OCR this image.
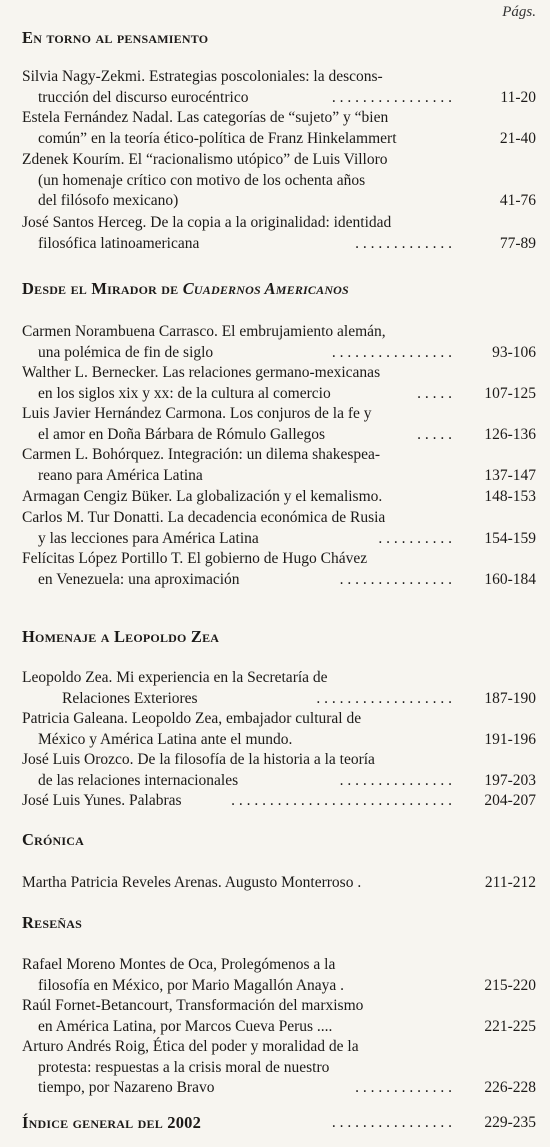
Págs.
En torno al pensamiento
Silvia Nagy-Zekmi. Estrategias poscoloniales: la descons-
trucción del discurso eurocéntrico	. . . . . . . . . . . . . . . .	11-20
Estela Fernández Nadal. Las categorías de “sujeto” y “bien
común” en la teoría ético-política de Franz Hinkelammert	21-40
Zdenek Kourím. El “racionalismo utópico” de Luis Villoro
(un homenaje crítico con motivo de los ochenta años
del filósofo mexicano)	41-76
José Santos Herceg. De la copia a la originalidad: identidad
filosófica latinoamericana	. . . . . . . . . . . . .	77-89
Desde el Mirador de Cuadernos Americanos
Carmen Norambuena Carrasco. El embrujamiento alemán,
una polémica de fin de siglo	. . . . . . . . . . . . . . . .	93-106
Walther L. Bernecker. Las relaciones germano-mexicanas
en los siglos xix y xx: de la cultura al comercio	. . . . .	107-125
Luis Javier Hernández Carmona. Los conjuros de la fe y
el amor en Doña Bárbara de Rómulo Gallegos	. . . . .	126-136
Carmen L. Bohórquez. Integración: un dilema shakespea-
reano para América Latina	137-147
Armagan Cengiz Büker. La globalización y el kemalismo.	148-153
Carlos M. Tur Donatti. La decadencia económica de Rusia
y las lecciones para América Latina	. . . . . . . . . .	154-159
Felícitas López Portillo T. El gobierno de Hugo Chávez
en Venezuela: una aproximación	. . . . . . . . . . . . . . .	160-184
Homenaje a Leopoldo Zea
Leopoldo Zea. Mi experiencia en la Secretaría de
Relaciones Exteriores	. . . . . . . . . . . . . . . . . .	187-190
Patricia Galeana. Leopoldo Zea, embajador cultural de
México y América Latina ante el mundo.	191-196
José Luis Orozco. De la filosofía de la historia a la teoría
de las relaciones internacionales	. . . . . . . . . . . . . . .	197-203
José Luis Yunes. Palabras	. . . . . . . . . . . . . . . . . . . . . . . . . . . . .	204-207
Crónica
Martha Patricia Reveles Arenas. Augusto Monterroso .	211-212
Reseñas
Rafael Moreno Montes de Oca, Prolegómenos a la
filosofía en México, por Mario Magallón Anaya .	215-220
Raúl Fornet-Betancourt, Transformación del marxismo
en América Latina, por Marcos Cueva Perus ....	221-225
Arturo Andrés Roig, Ética del poder y moralidad de la
protesta: respuestas a la crisis moral de nuestro
tiempo, por Nazareno Bravo	. . . . . . . . . . . . .	226-228
Índice general del 2002	. . . . . . . . . . . . . . . .	229-235
